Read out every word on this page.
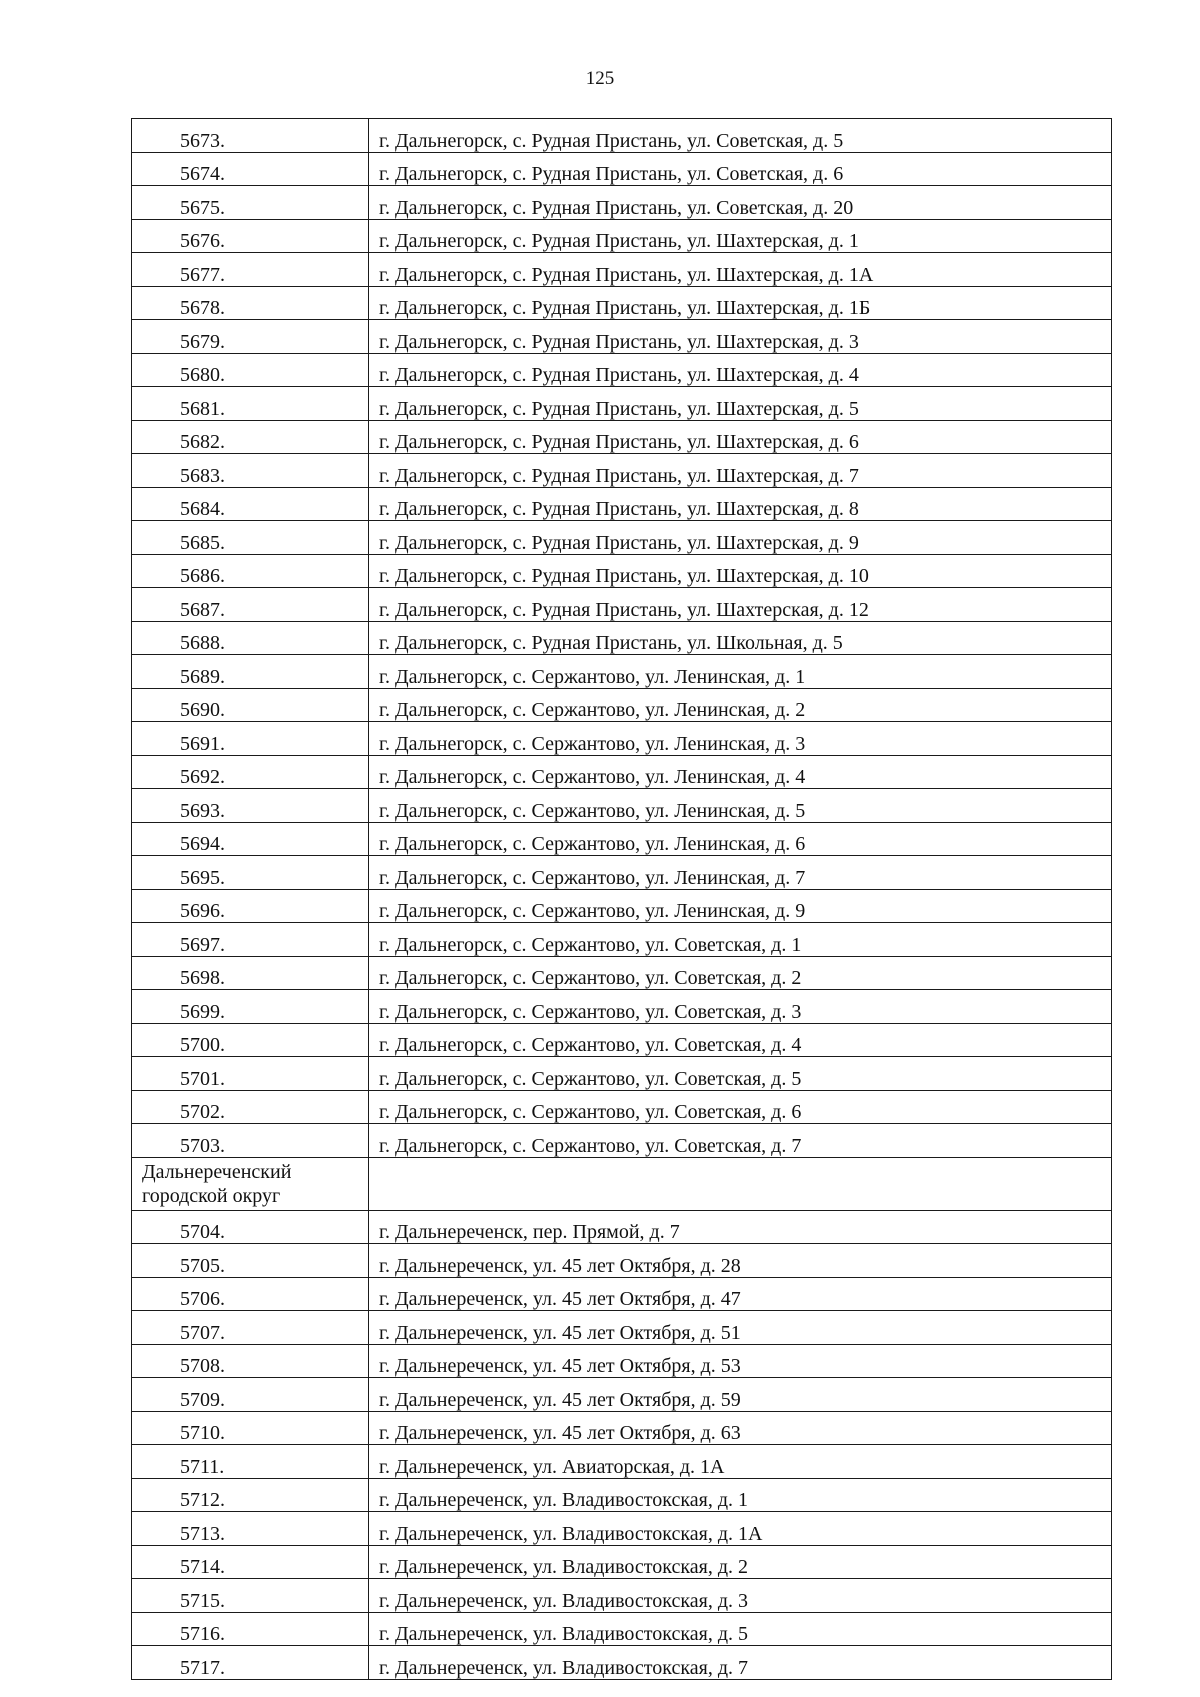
125
5673.	г. Дальнегорск, с. Рудная Пристань, ул. Советская, д. 5
5674.	г. Дальнегорск, с. Рудная Пристань, ул. Советская, д. 6
5675.	г. Дальнегорск, с. Рудная Пристань, ул. Советская, д. 20
5676.	г. Дальнегорск, с. Рудная Пристань, ул. Шахтерская, д. 1
5677.	г. Дальнегорск, с. Рудная Пристань, ул. Шахтерская, д. 1А
5678.	г. Дальнегорск, с. Рудная Пристань, ул. Шахтерская, д. 1Б
5679.	г. Дальнегорск, с. Рудная Пристань, ул. Шахтерская, д. 3
5680.	г. Дальнегорск, с. Рудная Пристань, ул. Шахтерская, д. 4
5681.	г. Дальнегорск, с. Рудная Пристань, ул. Шахтерская, д. 5
5682.	г. Дальнегорск, с. Рудная Пристань, ул. Шахтерская, д. 6
5683.	г. Дальнегорск, с. Рудная Пристань, ул. Шахтерская, д. 7
5684.	г. Дальнегорск, с. Рудная Пристань, ул. Шахтерская, д. 8
5685.	г. Дальнегорск, с. Рудная Пристань, ул. Шахтерская, д. 9
5686.	г. Дальнегорск, с. Рудная Пристань, ул. Шахтерская, д. 10
5687.	г. Дальнегорск, с. Рудная Пристань, ул. Шахтерская, д. 12
5688.	г. Дальнегорск, с. Рудная Пристань, ул. Школьная, д. 5
5689.	г. Дальнегорск, с. Сержантово, ул. Ленинская, д. 1
5690.	г. Дальнегорск, с. Сержантово, ул. Ленинская, д. 2
5691.	г. Дальнегорск, с. Сержантово, ул. Ленинская, д. 3
5692.	г. Дальнегорск, с. Сержантово, ул. Ленинская, д. 4
5693.	г. Дальнегорск, с. Сержантово, ул. Ленинская, д. 5
5694.	г. Дальнегорск, с. Сержантово, ул. Ленинская, д. 6
5695.	г. Дальнегорск, с. Сержантово, ул. Ленинская, д. 7
5696.	г. Дальнегорск, с. Сержантово, ул. Ленинская, д. 9
5697.	г. Дальнегорск, с. Сержантово, ул. Советская, д. 1
5698.	г. Дальнегорск, с. Сержантово, ул. Советская, д. 2
5699.	г. Дальнегорск, с. Сержантово, ул. Советская, д. 3
5700.	г. Дальнегорск, с. Сержантово, ул. Советская, д. 4
5701.	г. Дальнегорск, с. Сержантово, ул. Советская, д. 5
5702.	г. Дальнегорск, с. Сержантово, ул. Советская, д. 6
5703.	г. Дальнегорск, с. Сержантово, ул. Советская, д. 7
Дальнереченский городской округ	
5704.	г. Дальнереченск, пер. Прямой, д. 7
5705.	г. Дальнереченск, ул. 45 лет Октября, д. 28
5706.	г. Дальнереченск, ул. 45 лет Октября, д. 47
5707.	г. Дальнереченск, ул. 45 лет Октября, д. 51
5708.	г. Дальнереченск, ул. 45 лет Октября, д. 53
5709.	г. Дальнереченск, ул. 45 лет Октября, д. 59
5710.	г. Дальнереченск, ул. 45 лет Октября, д. 63
5711.	г. Дальнереченск, ул. Авиаторская, д. 1А
5712.	г. Дальнереченск, ул. Владивостокская, д. 1
5713.	г. Дальнереченск, ул. Владивостокская, д. 1А
5714.	г. Дальнереченск, ул. Владивостокская, д. 2
5715.	г. Дальнереченск, ул. Владивостокская, д. 3
5716.	г. Дальнереченск, ул. Владивостокская, д. 5
5717.	г. Дальнереченск, ул. Владивостокская, д. 7
